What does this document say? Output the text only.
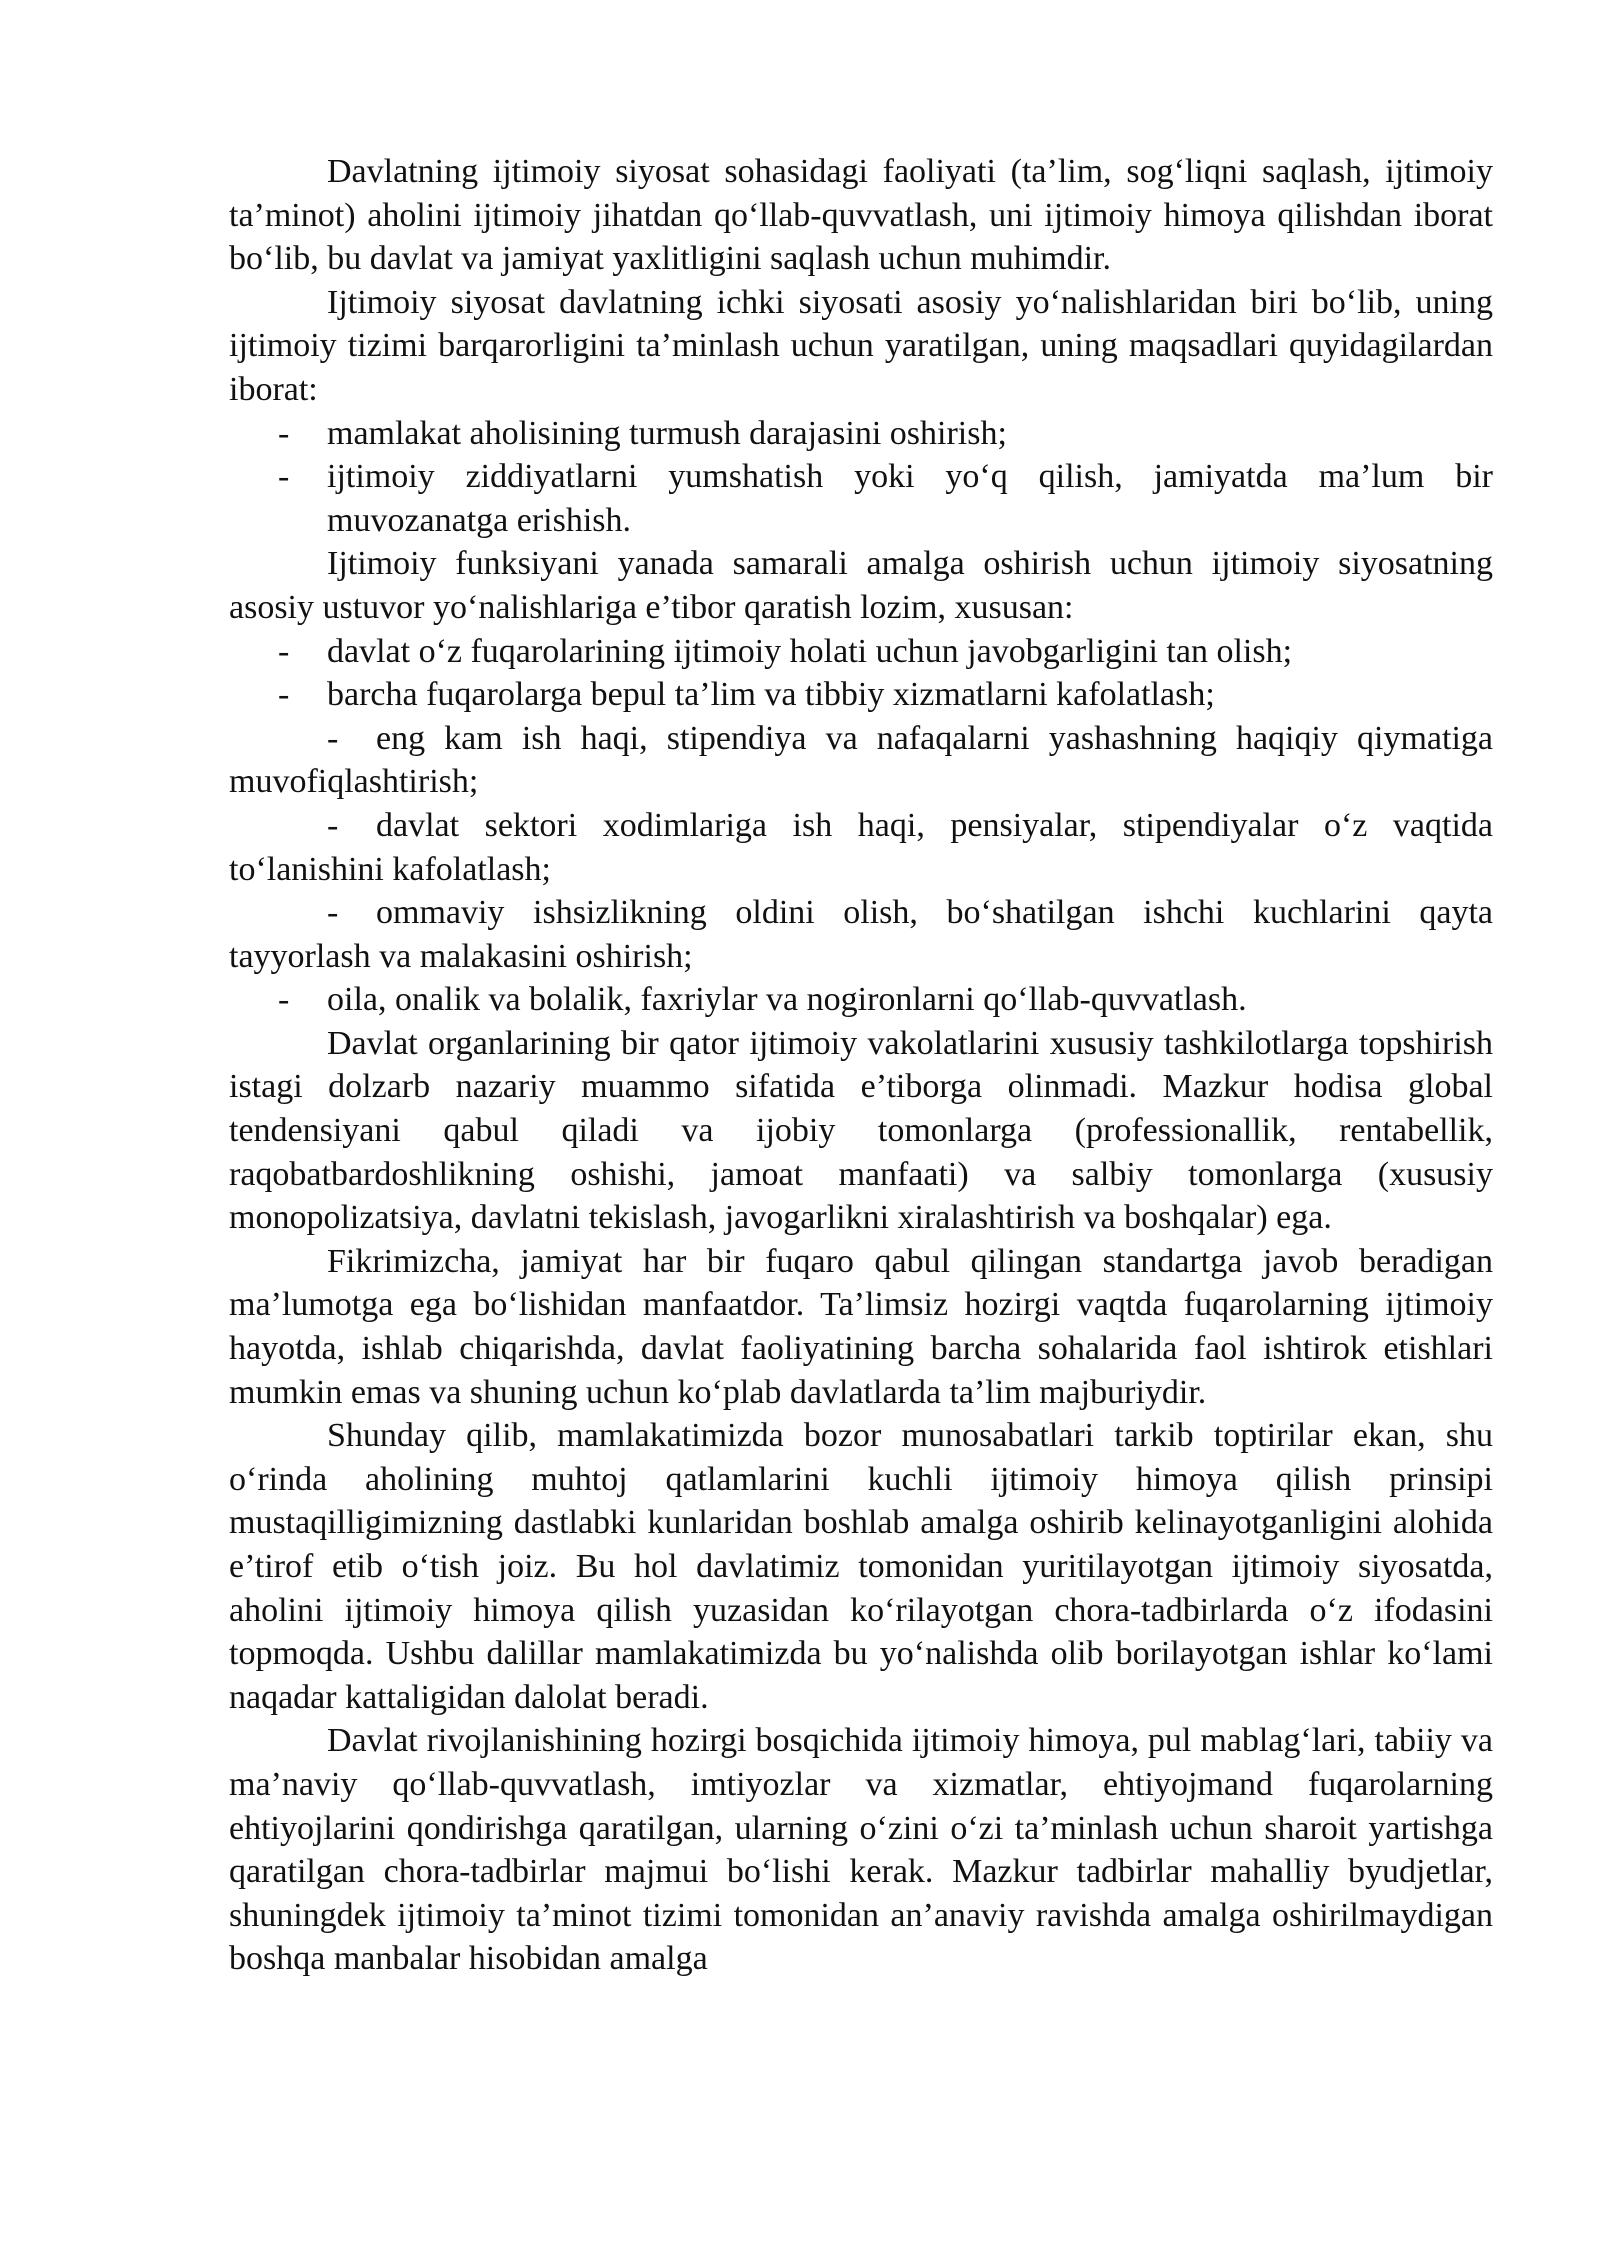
Davlatning ijtimoiy siyosat sohasidagi faoliyati (ta’lim, sog‘liqni saqlash, ijtimoiy ta’minot) aholini ijtimoiy jihatdan qo‘llab-quvvatlash, uni ijtimoiy himoya qilishdan iborat bo‘lib, bu davlat va jamiyat yaxlitligini saqlash uchun muhimdir.

Ijtimoiy siyosat davlatning ichki siyosati asosiy yo‘nalishlaridan biri bo‘lib, uning ijtimoiy tizimi barqarorligini ta’minlash uchun yaratilgan, uning maqsadlari quyidagilardan iborat:

- mamlakat aholisining turmush darajasini oshirish;
- ijtimoiy ziddiyatlarni yumshatish yoki yo‘q qilish, jamiyatda ma’lum bir muvozanatga erishish.

Ijtimoiy funksiyani yanada samarali amalga oshirish uchun ijtimoiy siyosatning asosiy ustuvor yo‘nalishlariga e’tibor qaratish lozim, xususan:

- davlat o‘z fuqarolarining ijtimoiy holati uchun javobgarligini tan olish;
- barcha fuqarolarga bepul ta’lim va tibbiy xizmatlarni kafolatlash;

- eng kam ish haqi, stipendiya va nafaqalarni yashashning haqiqiy qiymatiga muvofiqlashtirish;

- davlat sektori xodimlariga ish haqi, pensiyalar, stipendiyalar o‘z vaqtida to‘lanishini kafolatlash;

- ommaviy ishsizlikning oldini olish, bo‘shatilgan ishchi kuchlarini qayta tayyorlash va malakasini oshirish;

- oila, onalik va bolalik, faxriylar va nogironlarni qo‘llab-quvvatlash.

Davlat organlarining bir qator ijtimoiy vakolatlarini xususiy tashkilotlarga topshirish istagi dolzarb nazariy muammo sifatida e’tiborga olinmadi. Mazkur hodisa global tendensiyani qabul qiladi va ijobiy tomonlarga (professionallik, rentabellik, raqobatbardoshlikning oshishi, jamoat manfaati) va salbiy tomonlarga (xususiy monopolizatsiya, davlatni tekislash, javogarlikni xiralashtirish va boshqalar) ega.

Fikrimizcha, jamiyat har bir fuqaro qabul qilingan standartga javob beradigan ma’lumotga ega bo‘lishidan manfaatdor. Ta’limsiz hozirgi vaqtda fuqarolarning ijtimoiy hayotda, ishlab chiqarishda, davlat faoliyatining barcha sohalarida faol ishtirok etishlari mumkin emas va shuning uchun ko‘plab davlatlarda ta’lim majburiydir.

Shunday qilib, mamlakatimizda bozor munosabatlari tarkib toptirilar ekan, shu o‘rinda aholining muhtoj qatlamlarini kuchli ijtimoiy himoya qilish prinsipi mustaqilligimizning dastlabki kunlaridan boshlab amalga oshirib kelinayotganligini alohida e’tirof etib o‘tish joiz. Bu hol davlatimiz tomonidan yuritilayotgan ijtimoiy siyosatda, aholini ijtimoiy himoya qilish yuzasidan ko‘rilayotgan chora-tadbirlarda o‘z ifodasini topmoqda. Ushbu dalillar mamlakatimizda bu yo‘nalishda olib borilayotgan ishlar ko‘lami naqadar kattaligidan dalolat beradi.

Davlat rivojlanishining hozirgi bosqichida ijtimoiy himoya, pul mablag‘lari, tabiiy va ma’naviy qo‘llab-quvvatlash, imtiyozlar va xizmatlar, ehtiyojmand fuqarolarning ehtiyojlarini qondirishga qaratilgan, ularning o‘zini o‘zi ta’minlash uchun sharoit yartishga qaratilgan chora-tadbirlar majmui bo‘lishi kerak. Mazkur tadbirlar mahalliy byudjetlar, shuningdek ijtimoiy ta’minot tizimi tomonidan an’anaviy ravishda amalga oshirilmaydigan boshqa manbalar hisobidan amalga
